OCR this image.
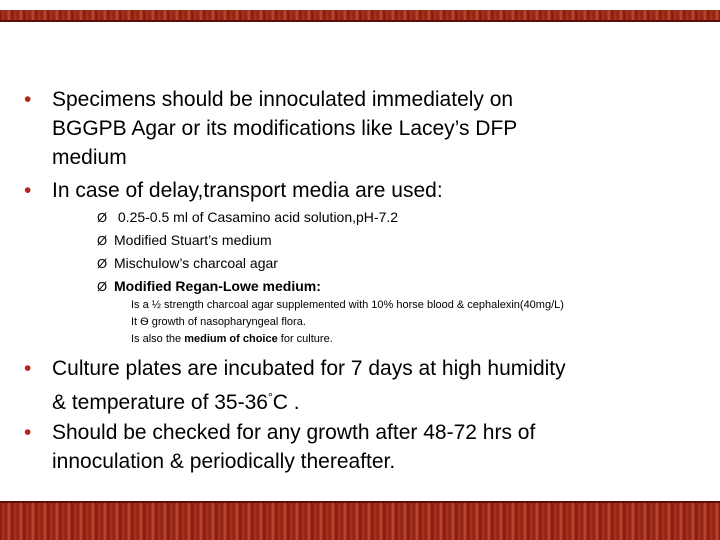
• Specimens should be innoculated immediately on
BGGPB Agar or its modifications like Lacey’s DFP
medium
• In case of delay,transport media are used:
Ø 0.25-0.5 ml of Casamino acid solution,pH-7.2
Ø Modified Stuart’s medium
Ø Mischulow’s charcoal agar
Ø Modified Regan-Lowe medium:
Is a ½ strength charcoal agar supplemented with 10% horse blood & cephalexin(40mg/L)
It Ѳ growth of nasopharyngeal flora.
Is also the medium of choice for culture.
• Culture plates are incubated for 7 days at high humidity
& temperature of 35-36°C .
• Should be checked for any growth after 48-72 hrs of
innoculation & periodically thereafter.
